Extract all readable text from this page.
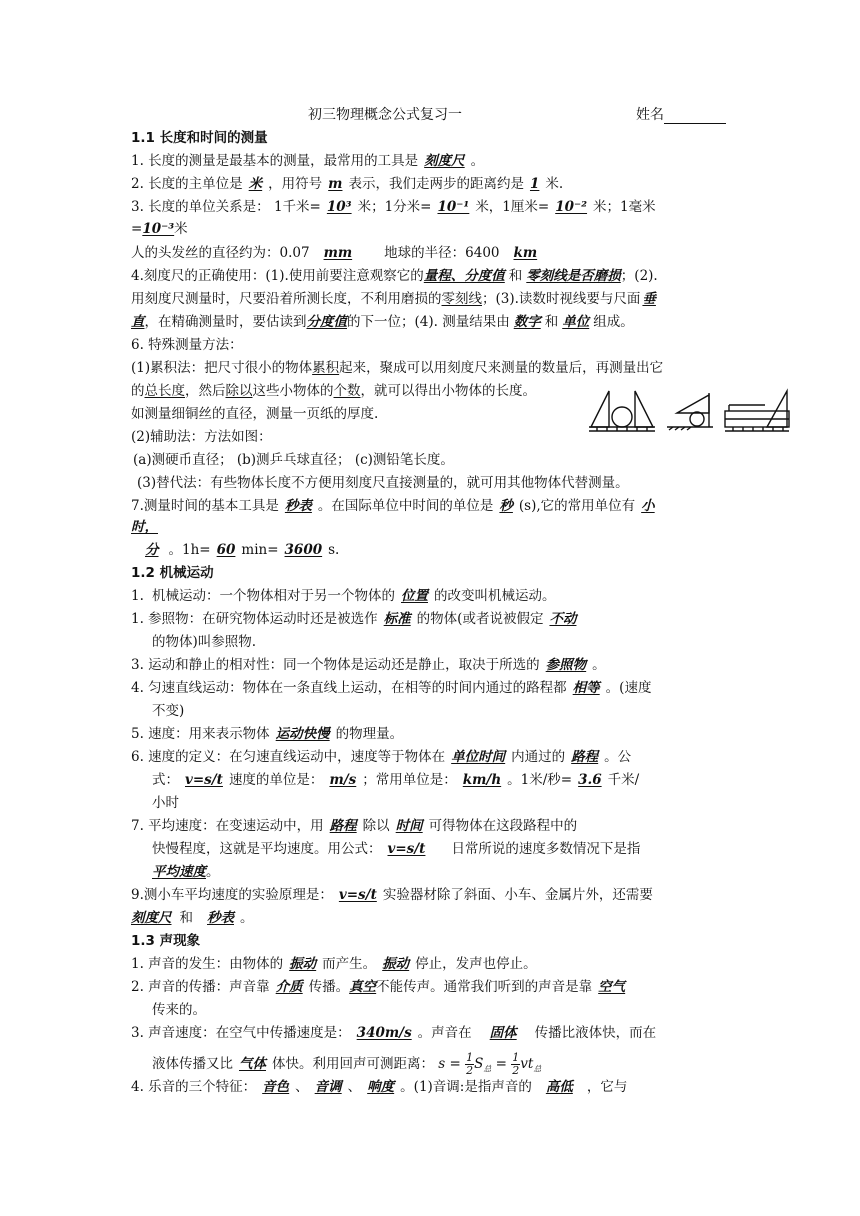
初三物理概念公式复习一	姓名
1.1 长度和时间的测量
1. 长度的测量是最基本的测量，最常用的工具是 刻度尺 。
2. 长度的主单位是 米 ，用符号 m 表示，我们走两步的距离约是 1 米.
3. 长度的单位关系是： 1千米= 10³ 米；1分米= 10⁻¹ 米，1厘米= 10⁻² 米；1毫米
=10⁻³米
人的头发丝的直径约为：0.07 mm 地球的半径：6400 km
4.刻度尺的正确使用：(1).使用前要注意观察它的量程、分度值 和 零刻线是否磨损；(2).
用刻度尺测量时，尺要沿着所测长度，不利用磨损的零刻线；(3).读数时视线要与尺面 垂
直，在精确测量时，要估读到分度值的下一位；(4). 测量结果由 数字 和 单位 组成。
6. 特殊测量方法：
(1)累积法：把尺寸很小的物体累积起来，聚成可以用刻度尺来测量的数量后，再测量出它
的总长度，然后除以这些小物体的个数，就可以得出小物体的长度。
如测量细铜丝的直径，测量一页纸的厚度.
(2)辅助法：方法如图：
(a)测硬币直径； (b)测乒乓球直径； (c)测铅笔长度。
(3)替代法：有些物体长度不方便用刻度尺直接测量的，就可用其他物体代替测量。
7.测量时间的基本工具是 秒表 。在国际单位中时间的单位是 秒 (s),它的常用单位有 小
时，
分 。1h= 60 min= 3600 s.
1.2 机械运动
1. 机械运动：一个物体相对于另一个物体的 位置 的改变叫机械运动。
1. 参照物：在研究物体运动时还是被选作 标准 的物体(或者说被假定 不动
的物体)叫参照物.
3. 运动和静止的相对性：同一个物体是运动还是静止，取决于所选的 参照物 。
4. 匀速直线运动：物体在一条直线上运动，在相等的时间内通过的路程都 相等 。(速度
不变)
5. 速度：用来表示物体 运动快慢 的物理量。
6. 速度的定义：在匀速直线运动中，速度等于物体在 单位时间 内通过的 路程 。公
式： v=s/t 速度的单位是： m/s ；常用单位是： km/h 。1米/秒= 3.6 千米/
小时
7. 平均速度：在变速运动中，用 路程 除以 时间 可得物体在这段路程中的
快慢程度，这就是平均速度。用公式： v=s/t 日常所说的速度多数情况下是指
平均速度。
9.测小车平均速度的实验原理是： v=s/t 实验器材除了斜面、小车、金属片外，还需要
刻度尺 和 秒表 。
1.3 声现象
1. 声音的发生：由物体的 振动 而产生。 振动 停止，发声也停止。
2. 声音的传播：声音靠 介质 传播。真空不能传声。通常我们听到的声音是靠 空气
传来的。
3. 声音速度：在空气中传播速度是： 340m/s 。声音在 固体 传播比液体快，而在
液体传播又比 气体 体快。利用回声可测距离： $s = \frac{1}{2} S_总 = \frac{1}{2} vt_总$
4. 乐音的三个特征： 音色 、 音调 、 响度 。(1)音调:是指声音的 高低 ，它与
